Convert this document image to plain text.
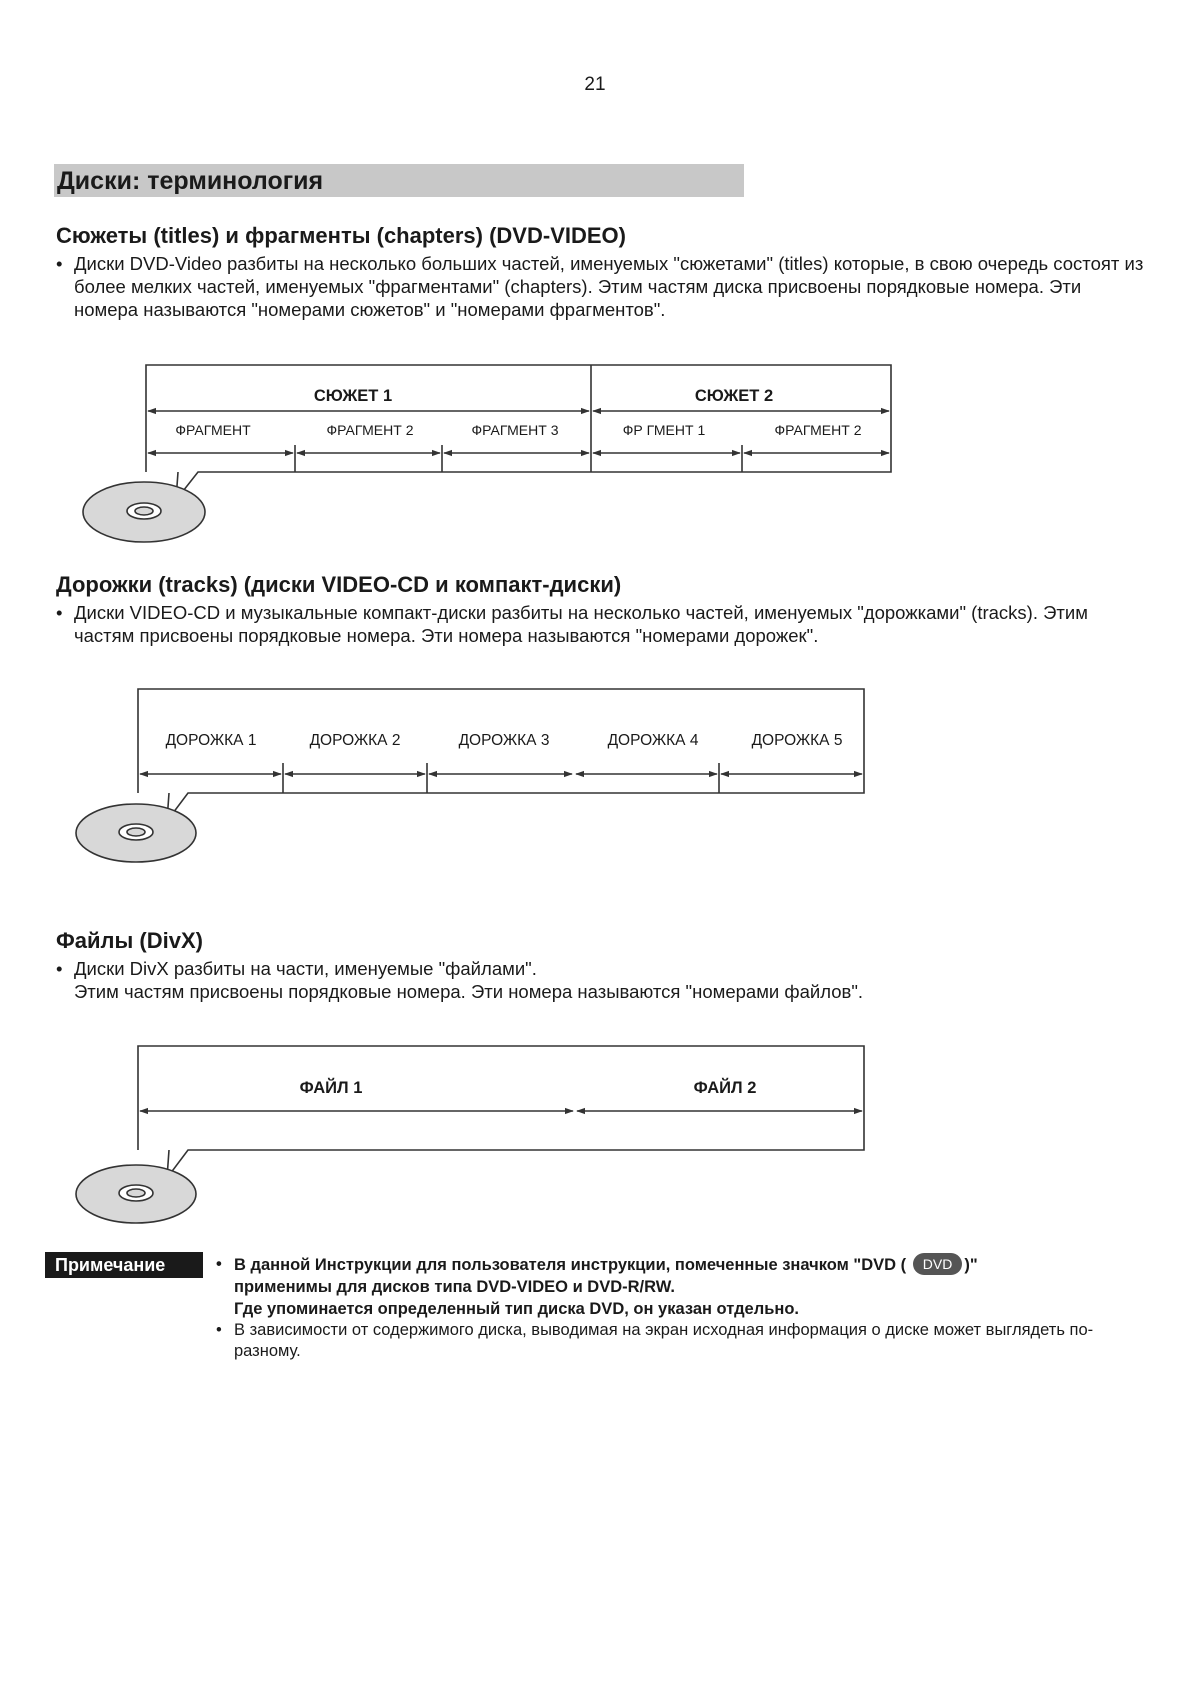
21
Диски: терминология
Сюжеты (titles) и фрагменты (chapters) (DVD-VIDEO)
• Диски DVD-Video разбиты на несколько больших частей, именуемых "сюжетами" (titles) которые, в свою очередь состоят из более мелких частей, именуемых "фрагментами" (chapters). Этим частям диска присвоены порядковые номера. Эти номера называются "номерами сюжетов" и "номерами фрагментов".
Дорожки (tracks) (диски VIDEO-CD и компакт-диски)
• Диски VIDEO-CD и музыкальные компакт-диски разбиты на несколько частей, именуемых "дорожками" (tracks). Этим частям присвоены порядковые номера. Эти номера называются "номерами дорожек".
Файлы (DivX)
• Диски DivX разбиты на части, именуемые "файлами".
Этим частям присвоены порядковые номера. Эти номера называются "номерами файлов".
СЮЖЕТ 1	СЮЖЕТ 2
ФРАГМЕНТ	ФРАГМЕНТ 2	ФРАГМЕНТ 3	ФР ГМЕНТ 1	ФРАГМЕНТ 2
ДОРОЖКА 1	ДОРОЖКА 2	ДОРОЖКА 3	ДОРОЖКА 4	ДОРОЖКА 5
ФАЙЛ 1	ФАЙЛ 2
Примечание	• В данной Инструкции для пользователя инструкции, помеченные значком "DVD ( DVD )"
применимы для дисков типа DVD-VIDEO и DVD-R/RW.
Где упоминается определенный тип диска DVD, он указан отдельно.
• В зависимости от содержимого диска, выводимая на экран исходная информация о диске может выглядеть по-разному.
